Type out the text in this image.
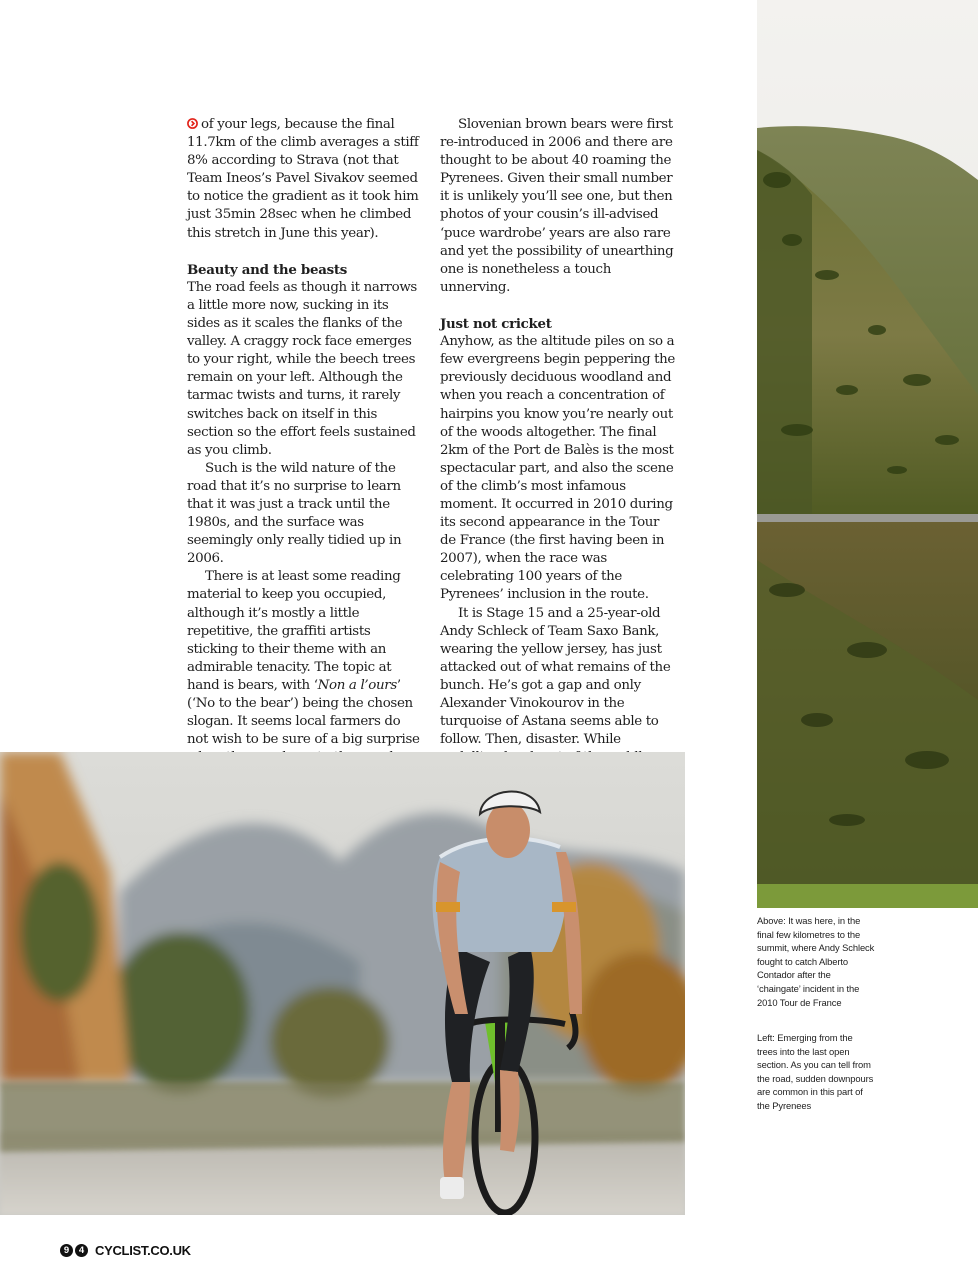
of your legs, because the final 11.7km of the climb averages a stiff 8% according to Strava (not that Team Ineos’s Pavel Sivakov seemed to notice the gradient as it took him just 35min 28sec when he climbed this stretch in June this year).

Beauty and the beasts

The road feels as though it narrows a little more now, sucking in its sides as it scales the flanks of the valley. A craggy rock face emerges to your right, while the beech trees remain on your left. Although the tarmac twists and turns, it rarely switches back on itself in this section so the effort feels sustained as you climb.

Such is the wild nature of the road that it’s no surprise to learn that it was just a track until the 1980s, and the surface was seemingly only really tidied up in 2006.

There is at least some reading material to keep you occupied, although it’s mostly a little repetitive, the graffiti artists sticking to their theme with an admirable tenacity. The topic at hand is bears, with ‘Non a l’ours’ (‘No to the bear’) being the chosen slogan. It seems local farmers do not wish to be sure of a big surprise

Slovenian brown bears were first re-introduced in 2006 and there are thought to be about 40 roaming the Pyrenees. Given their small number it is unlikely you’ll see one, but then photos of your cousin’s ill-advised ‘puce wardrobe’ years are also rare and yet the possibility of unearthing one is nonetheless a touch unnerving.

Just not cricket

Anyhow, as the altitude piles on so a few evergreens begin peppering the previously deciduous woodland and when you reach a concentration of hairpins you know you’re nearly out of the woods altogether. The final 2km of the Port de Balès is the most spectacular part, and also the scene of the climb’s most infamous moment. It occurred in 2010 during its second appearance in the Tour de France (the first having been in 2007), when the race was celebrating 100 years of the Pyrenees’ inclusion in the route.

It is Stage 15 and a 25-year-old Andy Schleck of Team Saxo Bank, wearing the yellow jersey, has just attacked out of what remains of the bunch. He’s got a gap and only Alexander Vinokourov in the turquoise of Astana seems able to follow. Then, disaster. While

Above: It was here, in the final few kilometres to the summit, where Andy Schleck fought to catch Alberto Contador after the ‘chaingate’ incident in the 2010 Tour de France
Left: Emerging from the trees into the last open section. As you can tell from the road, sudden downpours are common in this part of the Pyrenees
9	4 CYCLIST.CO.UK
